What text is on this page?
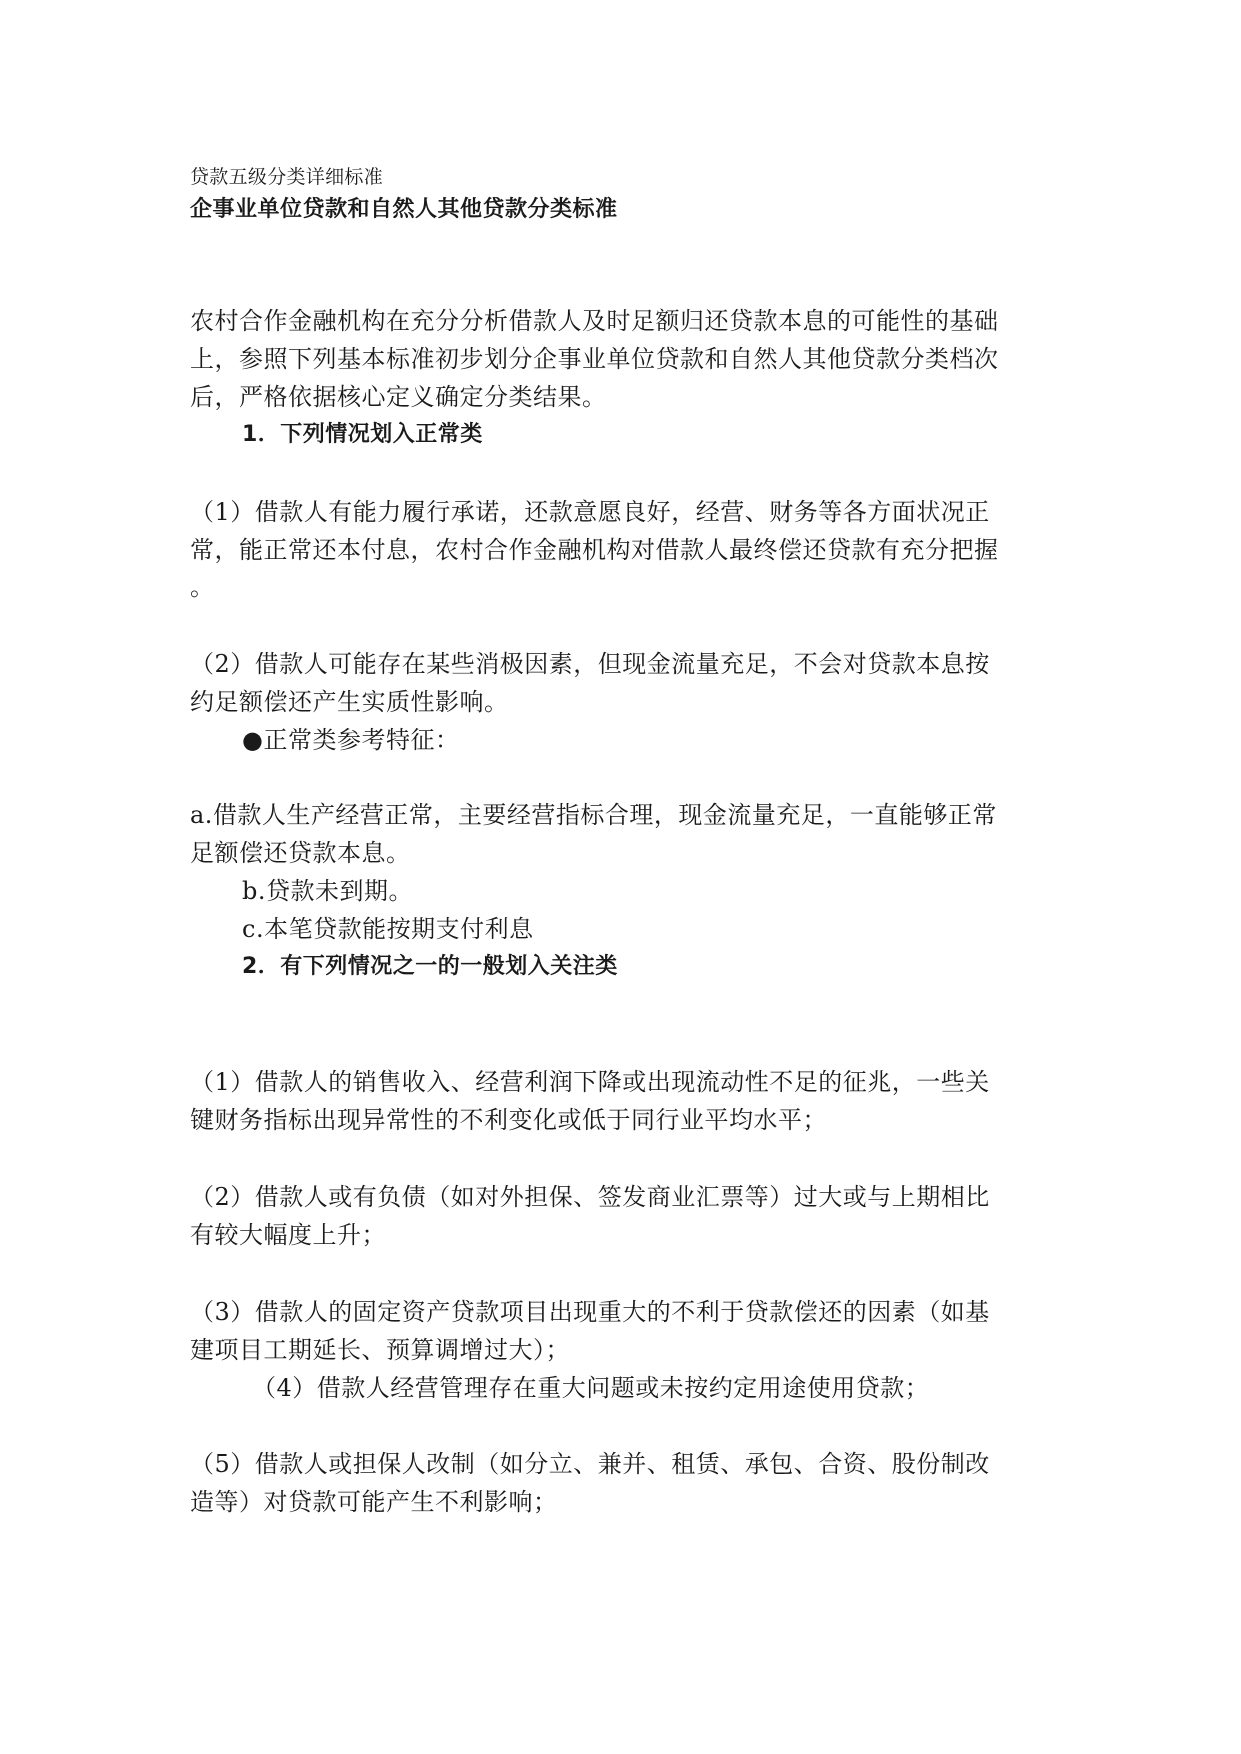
贷款五级分类详细标准
企事业单位贷款和自然人其他贷款分类标准
农村合作金融机构在充分分析借款人及时足额归还贷款本息的可能性的基础
上，参照下列基本标准初步划分企事业单位贷款和自然人其他贷款分类档次
后，严格依据核心定义确定分类结果。
1．下列情况划入正常类
（1）借款人有能力履行承诺，还款意愿良好，经营、财务等各方面状况正
常，能正常还本付息，农村合作金融机构对借款人最终偿还贷款有充分把握
。
（2）借款人可能存在某些消极因素，但现金流量充足，不会对贷款本息按
约足额偿还产生实质性影响。
●正常类参考特征：
a.借款人生产经营正常，主要经营指标合理，现金流量充足，一直能够正常
足额偿还贷款本息。
b.贷款未到期。
c.本笔贷款能按期支付利息
2．有下列情况之一的一般划入关注类
（1）借款人的销售收入、经营利润下降或出现流动性不足的征兆，一些关
键财务指标出现异常性的不利变化或低于同行业平均水平；
（2）借款人或有负债（如对外担保、签发商业汇票等）过大或与上期相比
有较大幅度上升；
（3）借款人的固定资产贷款项目出现重大的不利于贷款偿还的因素（如基
建项目工期延长、预算调增过大）；
（4）借款人经营管理存在重大问题或未按约定用途使用贷款；
（5）借款人或担保人改制（如分立、兼并、租赁、承包、合资、股份制改
造等）对贷款可能产生不利影响；
